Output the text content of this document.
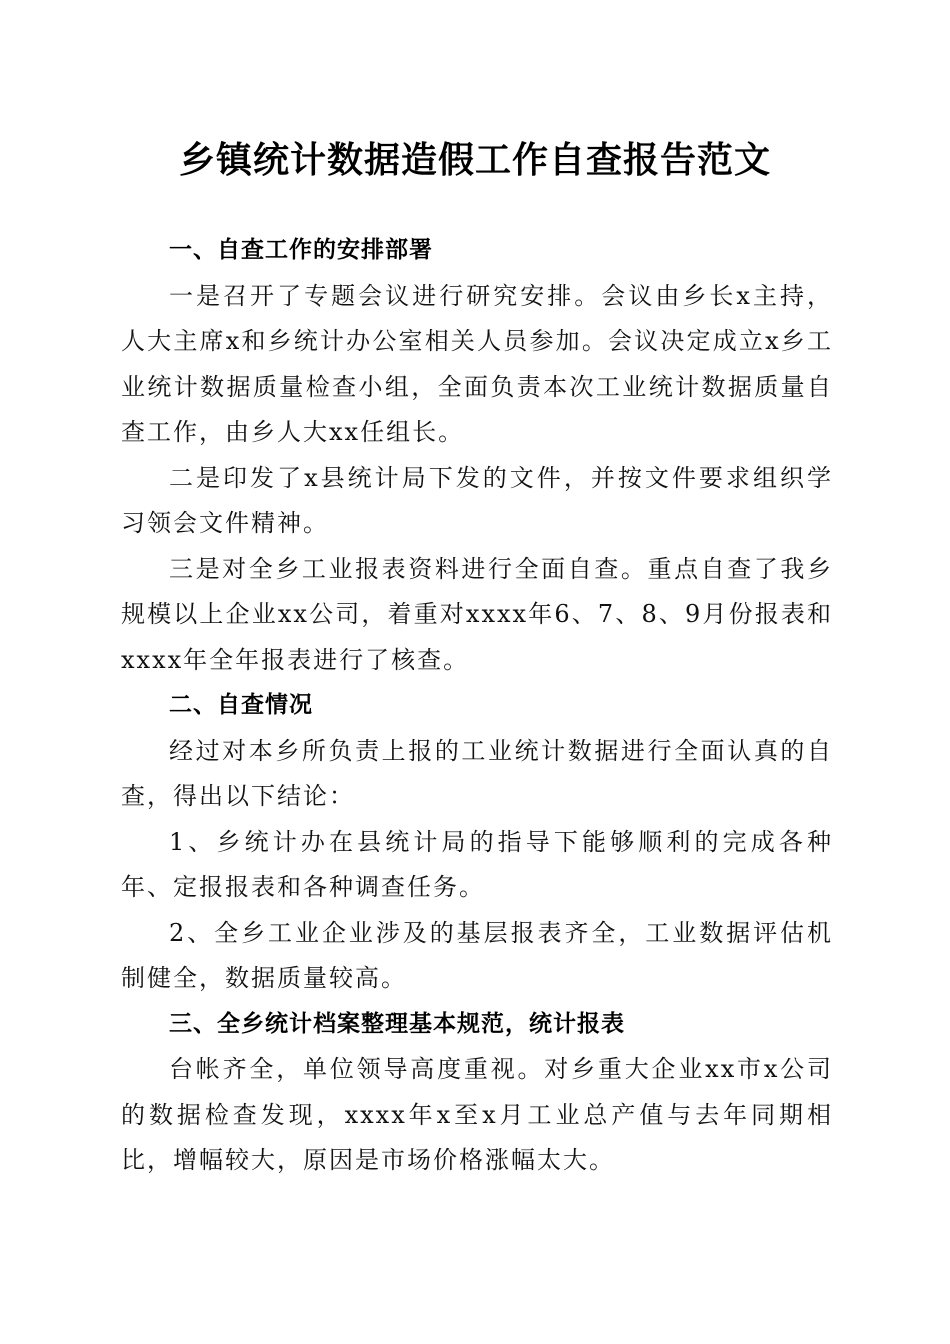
乡镇统计数据造假工作自查报告范文
一、自查工作的安排部署

一是召开了专题会议进行研究安排。会议由乡长x主持，人大主席x和乡统计办公室相关人员参加。会议决定成立x乡工业统计数据质量检查小组，全面负责本次工业统计数据质量自查工作，由乡人大xx任组长。

二是印发了x县统计局下发的文件，并按文件要求组织学习领会文件精神。

三是对全乡工业报表资料进行全面自查。重点自查了我乡规模以上企业xx公司，着重对xxxx年6、7、8、9月份报表和xxxx年全年报表进行了核查。

二、自查情况

经过对本乡所负责上报的工业统计数据进行全面认真的自查，得出以下结论：

1、乡统计办在县统计局的指导下能够顺利的完成各种年、定报报表和各种调查任务。

2、全乡工业企业涉及的基层报表齐全，工业数据评估机制健全，数据质量较高。

三、全乡统计档案整理基本规范，统计报表

台帐齐全，单位领导高度重视。对乡重大企业xx市x公司的数据检查发现，xxxx年x至x月工业总产值与去年同期相比，增幅较大，原因是市场价格涨幅太大。
